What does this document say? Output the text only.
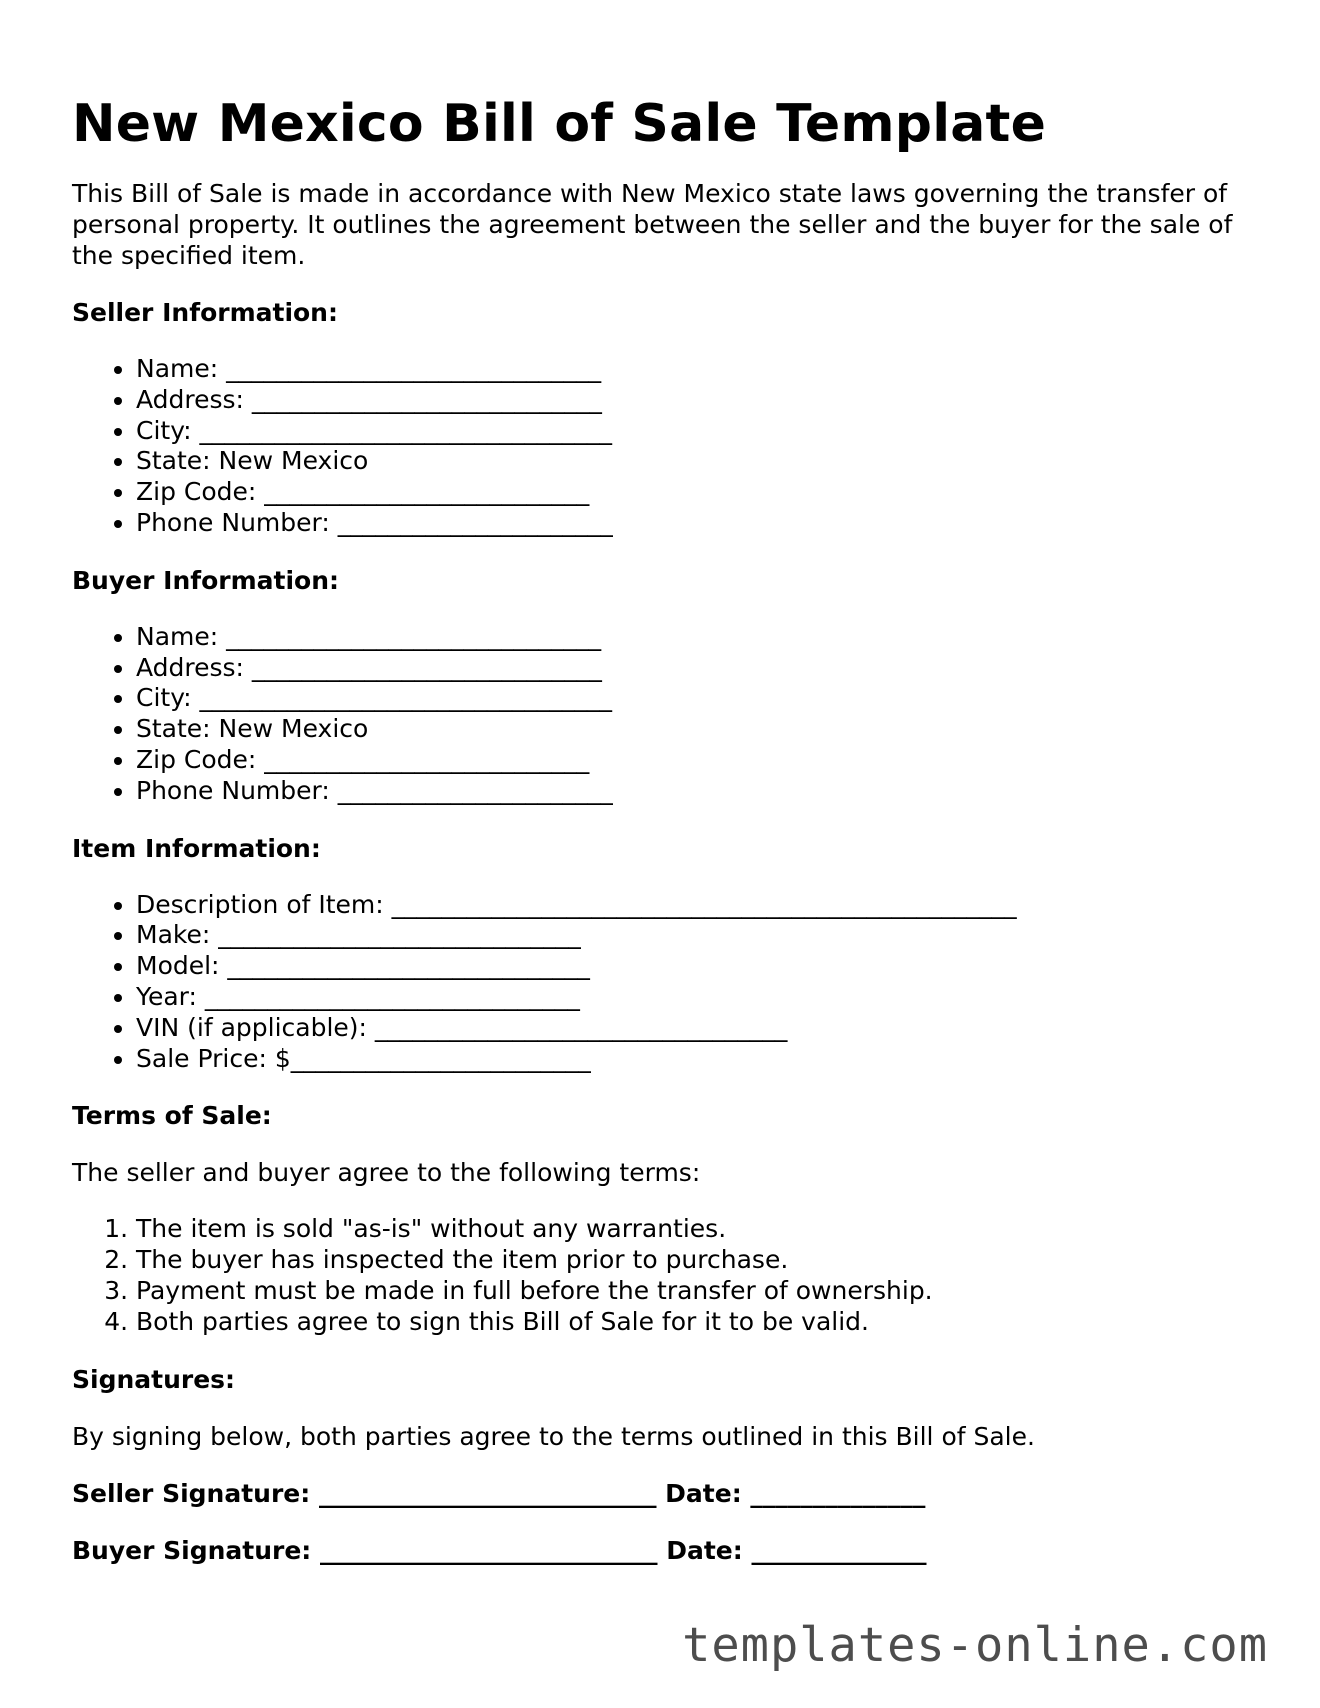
New Mexico Bill of Sale Template

This Bill of Sale is made in accordance with New Mexico state laws governing the transfer of personal property. It outlines the agreement between the seller and the buyer for the sale of the specified item.

Seller Information:
• Name: ______________________________
• Address: ____________________________
• City: _________________________________
• State: New Mexico
• Zip Code: __________________________
• Phone Number: ______________________
Buyer Information:
• Name: ______________________________
• Address: ____________________________
• City: _________________________________
• State: New Mexico
• Zip Code: __________________________
• Phone Number: ______________________
Item Information:
• Description of Item: __________________________________________________
• Make: _____________________________
• Model: _____________________________
• Year: ______________________________
• VIN (if applicable): _________________________________
• Sale Price: $________________________
Terms of Sale:

The seller and buyer agree to the following terms:

1. The item is sold "as-is" without any warranties.
2. The buyer has inspected the item prior to purchase.
3. Payment must be made in full before the transfer of ownership.
4. Both parties agree to sign this Bill of Sale for it to be valid.
Signatures:

By signing below, both parties agree to the terms outlined in this Bill of Sale.

Seller Signature: ___________________________ Date: ______________
Buyer Signature: ___________________________ Date: ______________
templates-online.com
